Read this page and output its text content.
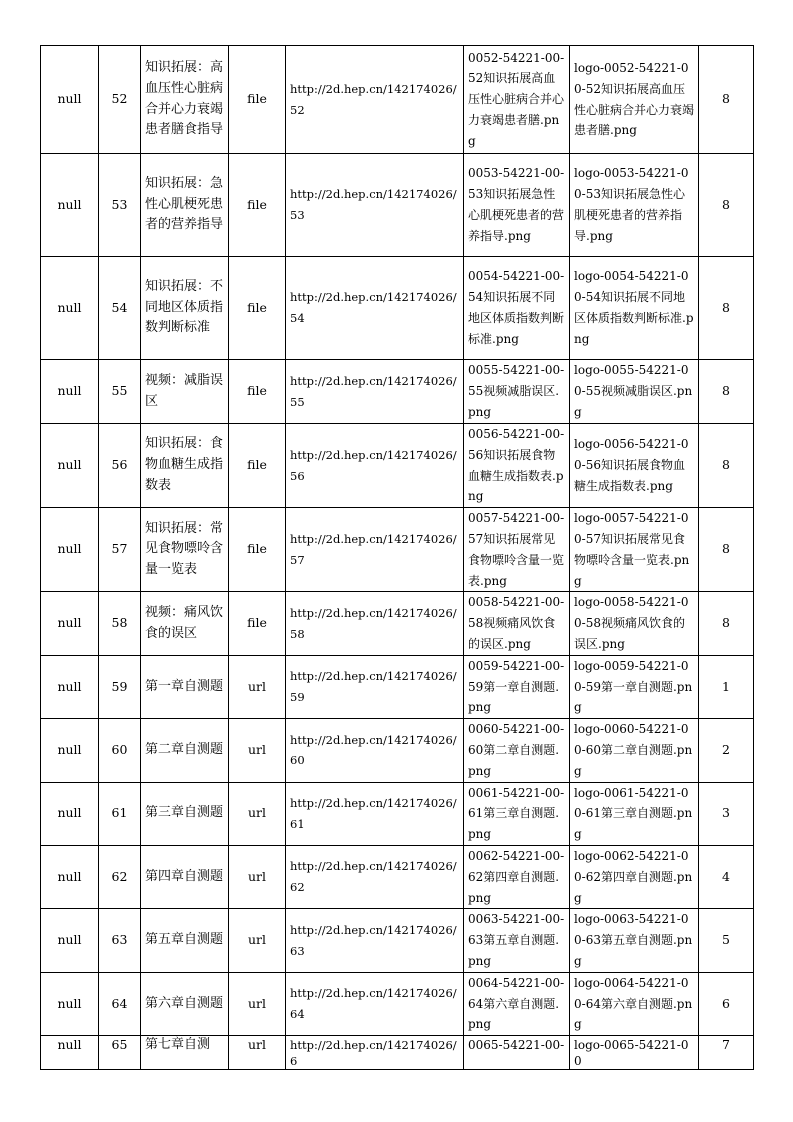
null	52	知识拓展：高血压性心脏病合并心力衰竭患者膳食指导	file	http://2d.hep.cn/142174026/52	0052-54221-00-52知识拓展高血压性心脏病合并心力衰竭患者膳.png	logo-0052-54221-00-52知识拓展高血压性心脏病合并心力衰竭患者膳.png	8
null	53	知识拓展：急性心肌梗死患者的营养指导	file	http://2d.hep.cn/142174026/53	0053-54221-00-53知识拓展急性心肌梗死患者的营养指导.png	logo-0053-54221-00-53知识拓展急性心肌梗死患者的营养指导.png	8
null	54	知识拓展：不同地区体质指数判断标准	file	http://2d.hep.cn/142174026/54	0054-54221-00-54知识拓展不同地区体质指数判断标准.png	logo-0054-54221-00-54知识拓展不同地区体质指数判断标准.png	8
null	55	视频：减脂误区	file	http://2d.hep.cn/142174026/55	0055-54221-00-55视频减脂误区.png	logo-0055-54221-00-55视频减脂误区.png	8
null	56	知识拓展：食物血糖生成指数表	file	http://2d.hep.cn/142174026/56	0056-54221-00-56知识拓展食物血糖生成指数表.png	logo-0056-54221-00-56知识拓展食物血糖生成指数表.png	8
null	57	知识拓展：常见食物嘌呤含量一览表	file	http://2d.hep.cn/142174026/57	0057-54221-00-57知识拓展常见食物嘌呤含量一览表.png	logo-0057-54221-00-57知识拓展常见食物嘌呤含量一览表.png	8
null	58	视频：痛风饮食的误区	file	http://2d.hep.cn/142174026/58	0058-54221-00-58视频痛风饮食的误区.png	logo-0058-54221-00-58视频痛风饮食的误区.png	8
null	59	第一章自测题	url	http://2d.hep.cn/142174026/59	0059-54221-00-59第一章自测题.png	logo-0059-54221-00-59第一章自测题.png	1
null	60	第二章自测题	url	http://2d.hep.cn/142174026/60	0060-54221-00-60第二章自测题.png	logo-0060-54221-00-60第二章自测题.png	2
null	61	第三章自测题	url	http://2d.hep.cn/142174026/61	0061-54221-00-61第三章自测题.png	logo-0061-54221-00-61第三章自测题.png	3
null	62	第四章自测题	url	http://2d.hep.cn/142174026/62	0062-54221-00-62第四章自测题.png	logo-0062-54221-00-62第四章自测题.png	4
null	63	第五章自测题	url	http://2d.hep.cn/142174026/63	0063-54221-00-63第五章自测题.png	logo-0063-54221-00-63第五章自测题.png	5
null	64	第六章自测题	url	http://2d.hep.cn/142174026/64	0064-54221-00-64第六章自测题.png	logo-0064-54221-00-64第六章自测题.png	6
null	65	第七章自测	url	http://2d.hep.cn/142174026/6	0065-54221-00-	logo-0065-54221-00	7
